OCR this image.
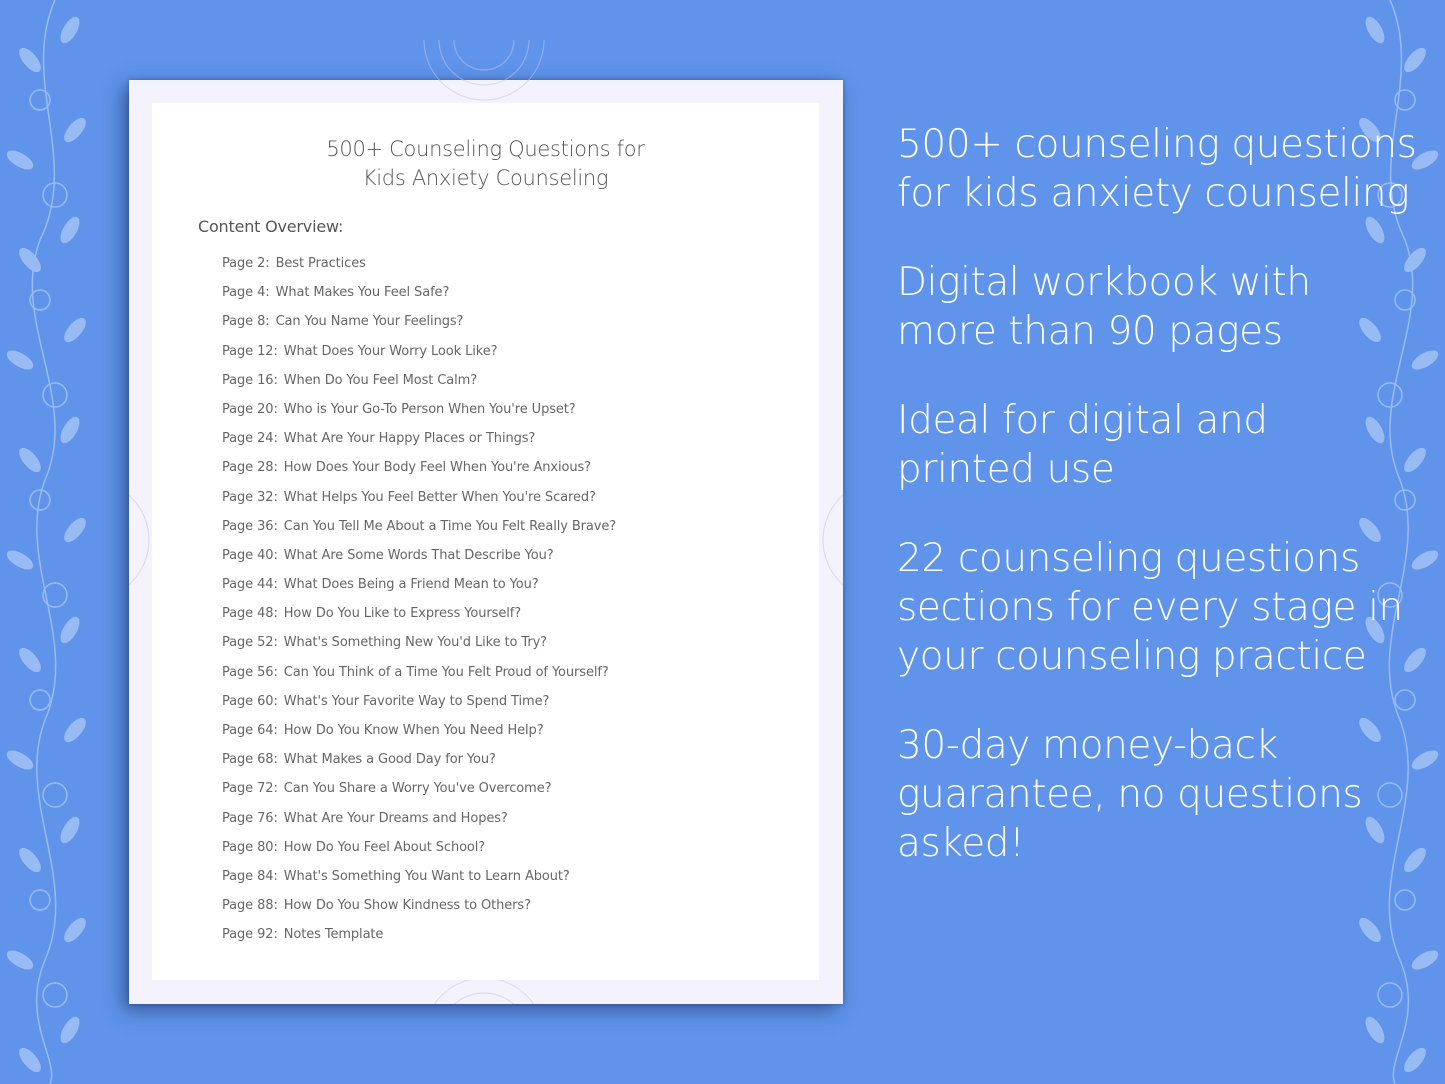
500+ Counseling Questions for
Kids Anxiety Counseling
Content Overview:
Page 2: Best Practices
Page 4: What Makes You Feel Safe?
Page 8: Can You Name Your Feelings?
Page 12: What Does Your Worry Look Like?
Page 16: When Do You Feel Most Calm?
Page 20: Who is Your Go-To Person When You're Upset?
Page 24: What Are Your Happy Places or Things?
Page 28: How Does Your Body Feel When You're Anxious?
Page 32: What Helps You Feel Better When You're Scared?
Page 36: Can You Tell Me About a Time You Felt Really Brave?
Page 40: What Are Some Words That Describe You?
Page 44: What Does Being a Friend Mean to You?
Page 48: How Do You Like to Express Yourself?
Page 52: What's Something New You'd Like to Try?
Page 56: Can You Think of a Time You Felt Proud of Yourself?
Page 60: What's Your Favorite Way to Spend Time?
Page 64: How Do You Know When You Need Help?
Page 68: What Makes a Good Day for You?
Page 72: Can You Share a Worry You've Overcome?
Page 76: What Are Your Dreams and Hopes?
Page 80: How Do You Feel About School?
Page 84: What's Something You Want to Learn About?
Page 88: How Do You Show Kindness to Others?
Page 92: Notes Template

500+ counseling questions for kids anxiety counseling

Digital workbook with more than 90 pages

Ideal for digital and printed use

22 counseling questions sections for every stage in your counseling practice

30-day money-back guarantee, no questions asked!
